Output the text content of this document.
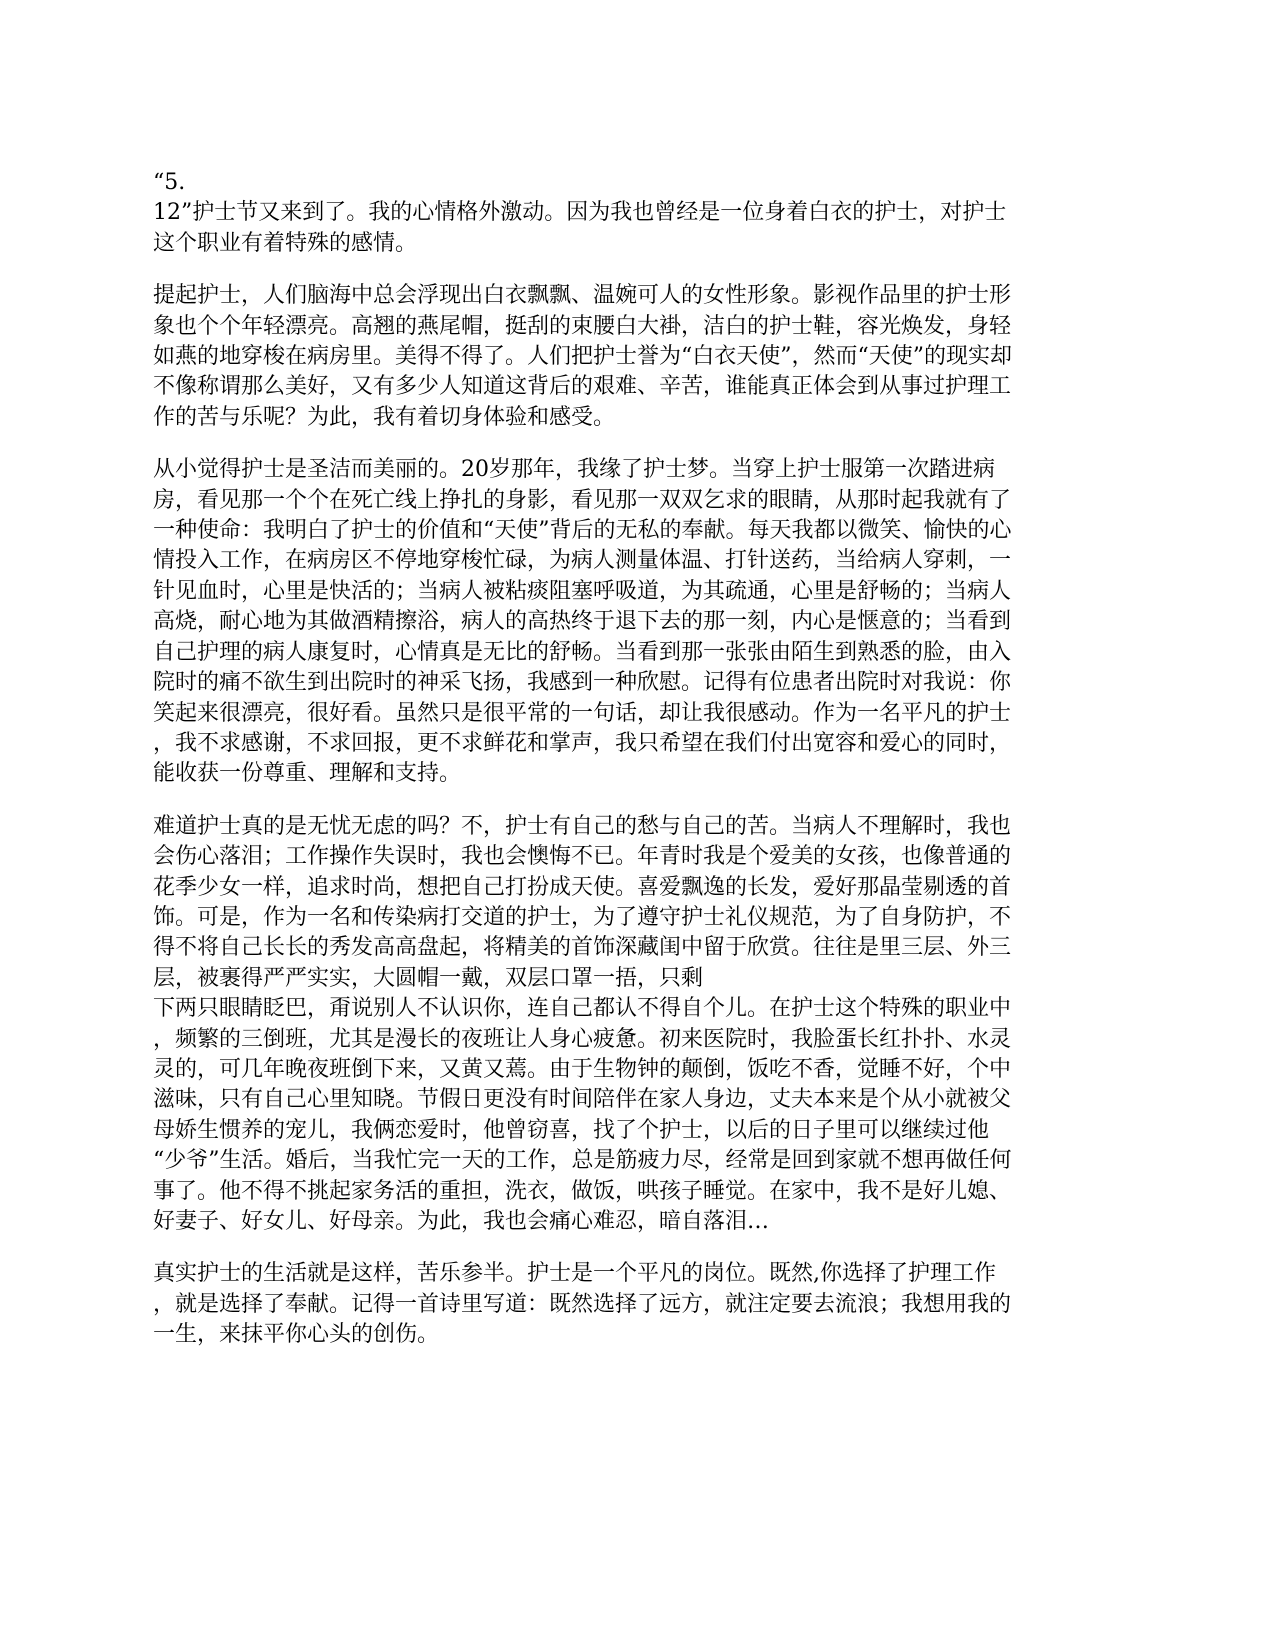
“5.
12”护士节又来到了。我的心情格外激动。因为我也曾经是一位身着白衣的护士，对护士
这个职业有着特殊的感情。
提起护士，人们脑海中总会浮现出白衣飘飘、温婉可人的女性形象。影视作品里的护士形
象也个个年轻漂亮。高翘的燕尾帽，挺刮的束腰白大褂，洁白的护士鞋，容光焕发，身轻
如燕的地穿梭在病房里。美得不得了。人们把护士誉为“白衣天使”，然而“天使”的现实却
不像称谓那么美好，又有多少人知道这背后的艰难、辛苦，谁能真正体会到从事过护理工
作的苦与乐呢？为此，我有着切身体验和感受。
从小觉得护士是圣洁而美丽的。20岁那年，我缘了护士梦。当穿上护士服第一次踏进病
房，看见那一个个在死亡线上挣扎的身影，看见那一双双乞求的眼睛，从那时起我就有了
一种使命：我明白了护士的价值和“天使”背后的无私的奉献。每天我都以微笑、愉快的心
情投入工作，在病房区不停地穿梭忙碌，为病人测量体温、打针送药，当给病人穿刺，一
针见血时，心里是快活的；当病人被粘痰阻塞呼吸道，为其疏通，心里是舒畅的；当病人
高烧，耐心地为其做酒精擦浴，病人的高热终于退下去的那一刻，内心是惬意的；当看到
自己护理的病人康复时，心情真是无比的舒畅。当看到那一张张由陌生到熟悉的脸，由入
院时的痛不欲生到出院时的神采飞扬，我感到一种欣慰。记得有位患者出院时对我说：你
笑起来很漂亮，很好看。虽然只是很平常的一句话，却让我很感动。作为一名平凡的护士
，我不求感谢，不求回报，更不求鲜花和掌声，我只希望在我们付出宽容和爱心的同时，
能收获一份尊重、理解和支持。
难道护士真的是无忧无虑的吗？不，护士有自己的愁与自己的苦。当病人不理解时，我也
会伤心落泪；工作操作失误时，我也会懊悔不已。年青时我是个爱美的女孩，也像普通的
花季少女一样，追求时尚，想把自己打扮成天使。喜爱飘逸的长发，爱好那晶莹剔透的首
饰。可是，作为一名和传染病打交道的护士，为了遵守护士礼仪规范，为了自身防护，不
得不将自己长长的秀发高高盘起，将精美的首饰深藏闺中留于欣赏。往往是里三层、外三
层，被裹得严严实实，大圆帽一戴，双层口罩一捂，只剩
下两只眼睛眨巴，甭说别人不认识你，连自己都认不得自个儿。在护士这个特殊的职业中
，频繁的三倒班，尤其是漫长的夜班让人身心疲惫。初来医院时，我脸蛋长红扑扑、水灵
灵的，可几年晚夜班倒下来，又黄又蔫。由于生物钟的颠倒，饭吃不香，觉睡不好，个中
滋味，只有自己心里知晓。节假日更没有时间陪伴在家人身边，丈夫本来是个从小就被父
母娇生惯养的宠儿，我俩恋爱时，他曾窃喜，找了个护士，以后的日子里可以继续过他
“少爷”生活。婚后，当我忙完一天的工作，总是筋疲力尽，经常是回到家就不想再做任何
事了。他不得不挑起家务活的重担，洗衣，做饭，哄孩子睡觉。在家中，我不是好儿媳、
好妻子、好女儿、好母亲。为此，我也会痛心难忍，暗自落泪…
真实护士的生活就是这样，苦乐参半。护士是一个平凡的岗位。既然,你选择了护理工作
，就是选择了奉献。记得一首诗里写道：既然选择了远方，就注定要去流浪；我想用我的
一生，来抹平你心头的创伤。
